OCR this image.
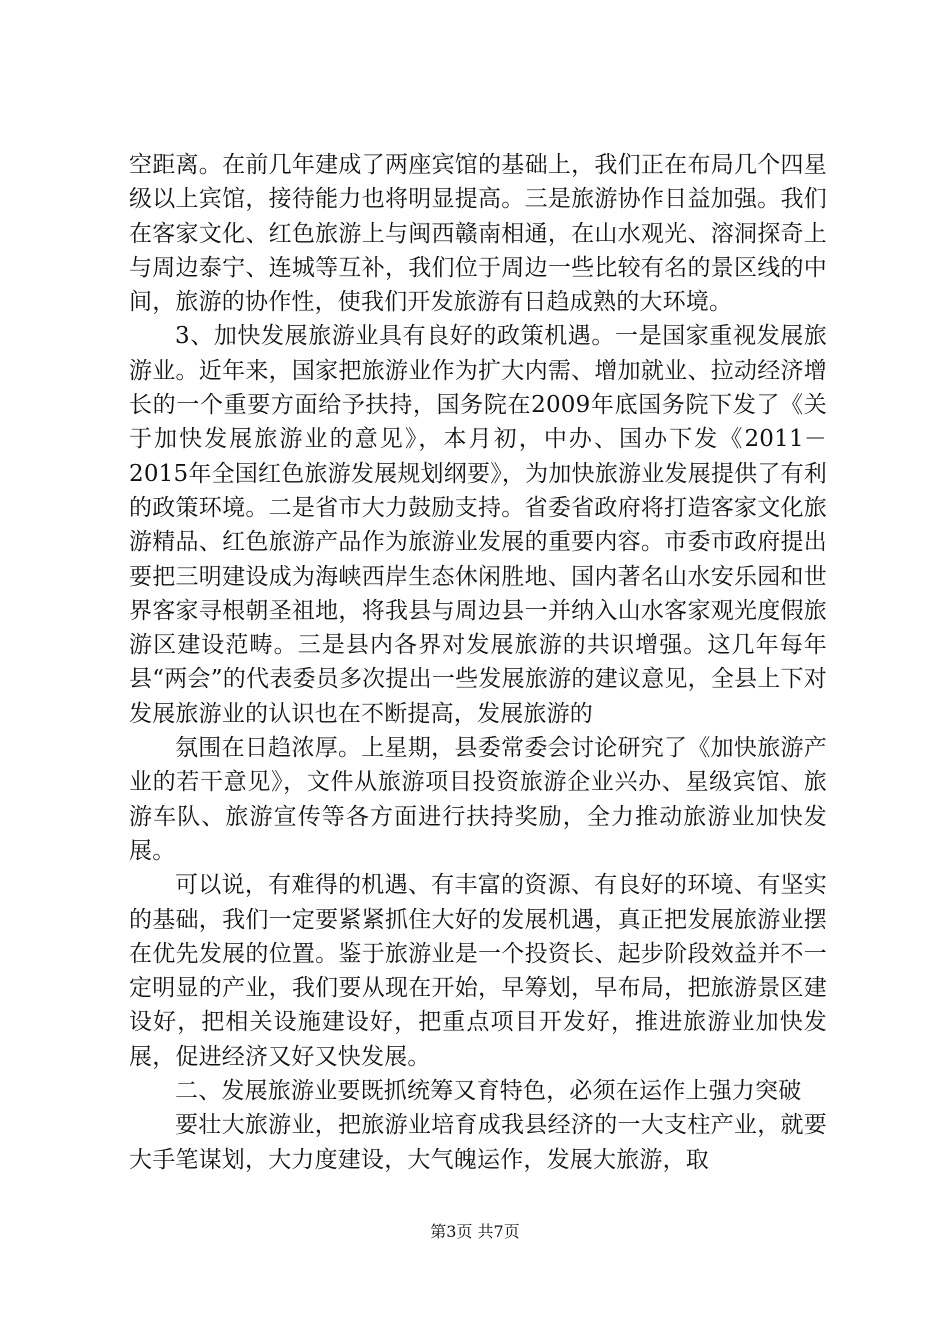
空距离。在前几年建成了两座宾馆的基础上，我们正在布局几个四星级以上宾馆，接待能力也将明显提高。三是旅游协作日益加强。我们在客家文化、红色旅游上与闽西赣南相通，在山水观光、溶洞探奇上与周边泰宁、连城等互补，我们位于周边一些比较有名的景区线的中间，旅游的协作性，使我们开发旅游有日趋成熟的大环境。

3、加快发展旅游业具有良好的政策机遇。一是国家重视发展旅游业。近年来，国家把旅游业作为扩大内需、增加就业、拉动经济增长的一个重要方面给予扶持，国务院在2009年底国务院下发了《关于加快发展旅游业的意见》，本月初，中办、国办下发《2011－2015年全国红色旅游发展规划纲要》，为加快旅游业发展提供了有利的政策环境。二是省市大力鼓励支持。省委省政府将打造客家文化旅游精品、红色旅游产品作为旅游业发展的重要内容。市委市政府提出要把三明建设成为海峡西岸生态休闲胜地、国内著名山水安乐园和世界客家寻根朝圣祖地，将我县与周边县一并纳入山水客家观光度假旅游区建设范畴。三是县内各界对发展旅游的共识增强。这几年每年县“两会”的代表委员多次提出一些发展旅游的建议意见，全县上下对发展旅游业的认识也在不断提高，发展旅游的

氛围在日趋浓厚。上星期，县委常委会讨论研究了《加快旅游产业的若干意见》，文件从旅游项目投资旅游企业兴办、星级宾馆、旅游车队、旅游宣传等各方面进行扶持奖励，全力推动旅游业加快发展。

可以说，有难得的机遇、有丰富的资源、有良好的环境、有坚实的基础，我们一定要紧紧抓住大好的发展机遇，真正把发展旅游业摆在优先发展的位置。鉴于旅游业是一个投资长、起步阶段效益并不一定明显的产业，我们要从现在开始，早筹划，早布局，把旅游景区建设好，把相关设施建设好，把重点项目开发好，推进旅游业加快发展，促进经济又好又快发展。

二、发展旅游业要既抓统筹又育特色，必须在运作上强力突破

要壮大旅游业，把旅游业培育成我县经济的一大支柱产业，就要大手笔谋划，大力度建设，大气魄运作，发展大旅游，取

第3页 共7页
